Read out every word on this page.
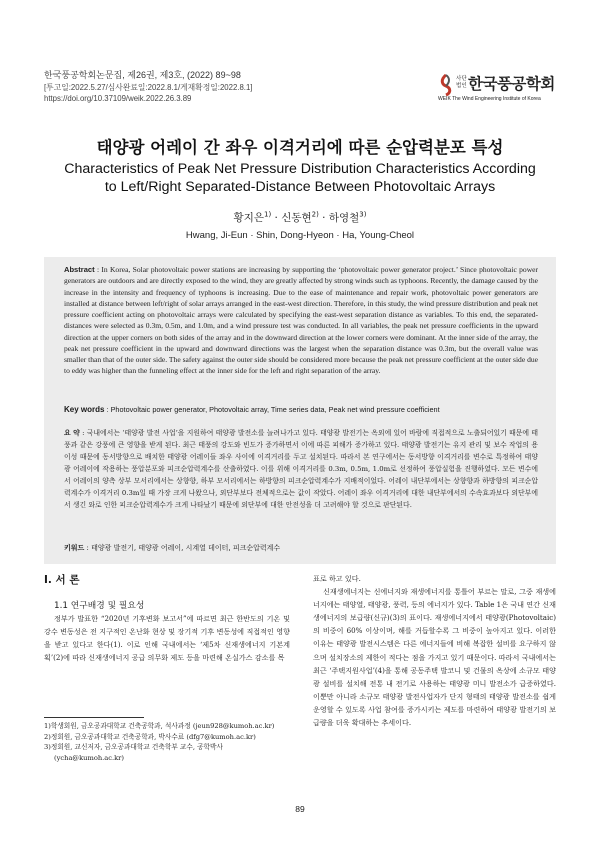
한국풍공학회논문집, 제26권, 제3호, (2022) 89~98
[투고일:2022.5.27/심사완료일:2022.8.1/게재확정일:2022.8.1]
https://doi.org/10.37109/weik.2022.26.3.89
사단 법인 한국풍공학회
WEIK The Wind Engineering Institute of Korea
태양광 어레이 간 좌우 이격거리에 따른 순압력분포 특성
Characteristics of Peak Net Pressure Distribution Characteristics According to Left/Right Separated-Distance Between Photovoltaic Arrays
황지은$^{1)}$ · 신동현$^{2)}$ · 하영철$^{3)}$
Hwang, Ji-Eun · Shin, Dong-Hyeon · Ha, Young-Cheol
Abstract : In Korea, Solar photovoltaic power stations are increasing by supporting the ‘photovoltaic power generator project.’ Since photovoltaic power generators are outdoors and are directly exposed to the wind, they are greatly affected by strong winds such as typhoons. Recently, the damage caused by the increase in the intensity and frequency of typhoons is increasing. Due to the ease of maintenance and repair work, photovoltaic power generators are installed at distance between left/right of solar arrays arranged in the east-west direction. Therefore, in this study, the wind pressure distribution and peak net pressure coefficient acting on photovoltaic arrays were calculated by specifying the east-west separation distance as variables. To this end, the separated-distances were selected as 0.3m, 0.5m, and 1.0m, and a wind pressure test was conducted. In all variables, the peak net pressure coefficients in the upward direction at the upper corners on both sides of the array and in the downward direction at the lower corners were dominant. At the inner side of the array, the peak net pressure coefficient in the upward and downward directions was the largest when the separation distance was 0.3m, but the overall value was smaller than that of the outer side. The safety against the outer side should be considered more because the peak net pressure coefficient at the outer side due to eddy was higher than the funneling effect at the inner side for the left and right separation of the array.
Key words : Photovoltaic power generator, Photovoltaic array, Time series data, Peak net wind pressure coefficient
요 약 : 국내에서는 ‘태양광 발전 사업’을 지원하여 태양광 발전소를 늘려나가고 있다. 태양광 발전기는 옥외에 있어 바람에 직접적으로 노출되어있기 때문에 태풍과 같은 강풍에 큰 영향을 받게 된다. 최근 태풍의 강도와 빈도가 증가하면서 이에 따른 피해가 증가하고 있다. 태양광 발전기는 유지 관리 및 보수 작업의 용이성 때문에 동서방향으로 배치한 태양광 어레이들 좌우 사이에 이격거리를 두고 설치된다. 따라서 본 연구에서는 동서방향 이격거리를 변수로 특정하여 태양광 어레이에 작용하는 풍압분포와 피크순압력계수를 산출하였다. 이를 위해 이격거리를 0.3m, 0.5m, 1.0m로 선정하여 풍압실험을 진행하였다. 모든 변수에서 어레이의 양측 상부 모서리에서는 상향향, 하부 모서리에서는 하방향의 피크순압력계수가 지배적이었다. 어레이 내단부에서는 상향향과 하방향의 피크순압력계수가 이격거리 0.3m일 때 가장 크게 나왔으나, 외단부보다 전체적으로는 값이 작았다. 어레이 좌우 이격거리에 대한 내단부에서의 수속효과보다 외단부에서 생긴 와로 인한 피크순압력계수가 크게 나타났기 때문에 외단부에 대한 안전성을 더 고려해야 할 것으로 판단된다.
키워드 : 태양광 발전기, 태양광 어레이, 시계열 데이터, 피크순압력계수
I. 서 론
1.1 연구배경 및 필요성

정부가 발표한 “2020년 기후변화 보고서”에 따르면 최근 한반도의 기온 및 강수 변동성은 전 지구적인 온난화 현상 및 장기적 기후 변동성에 직접적인 영향을 받고 있다고 한다(1). 이로 인해 국내에서는 ‘제5차 신재생에너지 기본계획’(2)에 따라 신재생에너지 공급 의무화 제도 등을 마련해 온실가스 감소를 목

표로 하고 있다.

신재생에너지는 신에너지와 재생에너지를 통틀어 부르는 말로, 그중 재생에너지에는 태양열, 태양광, 풍력, 등의 에너지가 있다. Table 1은 국내 연간 신재생에너지의 보급량(신규)(3)의 표이다. 재생에너지에서 태양광(Photovoltaic)의 비중이 60% 이상이며, 해를 거듭할수록 그 비중이 높아지고 있다. 이러한 이유는 태양광 발전시스템은 다른 에너지들에 비해 복잡한 설비를 요구하지 않으며 설치장소의 제한이 적다는 점을 가지고 있기 때문이다. 따라서 국내에서는 최근 ‘주택지원사업’(4)을 통해 공동주택 발코니 및 건물의 옥상에 소규모 태양광 설비를 설치해 전통 내 전기로 사용하는 태양광 미니 발전소가 급증하였다. 이뿐만 아니라 소규모 태양광 발전사업자가 단지 형태의 태양광 발전소를 쉽게 운영할 수 있도록 사업 참여를 증가시키는 제도를 마련하여 태양광 발전기의 보급량을 더욱 확대하는 추세이다.

1)학생회원, 금오공과대학교 건축공학과, 석사과정 (jeun928@kumoh.ac.kr)
2)정회원, 금오공과대학교 건축공학과, 박사수료 (dfg7@kumoh.ac.kr)
3)정회원, 교신저자, 금오공과대학교 건축학부 교수, 공학박사 (ycha@kumoh.ac.kr)
89
